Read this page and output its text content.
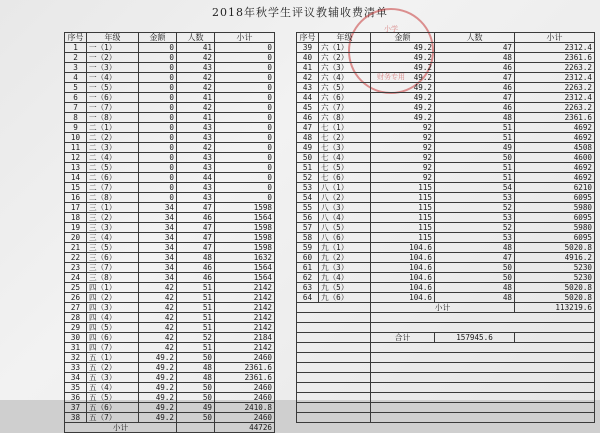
2018年秋学生评议教辅收费清单
小学
财务专用
序号	年级	金额	人数	小计
1	一（1）	0	41	0
2	一（2）	0	42	0
3	一（3）	0	43	0
4	一（4）	0	42	0
5	一（5）	0	42	0
6	一（6）	0	41	0
7	一（7）	0	42	0
8	一（8）	0	41	0
9	二（1）	0	43	0
10	二（2）	0	43	0
11	二（3）	0	42	0
12	二（4）	0	43	0
13	二（5）	0	43	0
14	二（6）	0	44	0
15	二（7）	0	43	0
16	二（8）	0	43	0
17	三（1）	34	47	1598
18	三（2）	34	46	1564
19	三（3）	34	47	1598
20	三（4）	34	47	1598
21	三（5）	34	47	1598
22	三（6）	34	48	1632
23	三（7）	34	46	1564
24	三（8）	34	46	1564
25	四（1）	42	51	2142
26	四（2）	42	51	2142
27	四（3）	42	51	2142
28	四（4）	42	51	2142
29	四（5）	42	51	2142
30	四（6）	42	52	2184
31	四（7）	42	51	2142
32	五（1）	49.2	50	2460
33	五（2）	49.2	48	2361.6
34	五（3）	49.2	48	2361.6
35	五（4）	49.2	50	2460
36	五（5）	49.2	50	2460
37	五（6）	49.2	49	2410.8
38	五（7）	49.2	50	2460
小计				44726
序号	年级	金额	人数	小计
39	六（1）	49.2	47	2312.4
40	六（2）	49.2	48	2361.6
41	六（3）	49.2	46	2263.2
42	六（4）	49.2	47	2312.4
43	六（5）	49.2	46	2263.2
44	六（6）	49.2	47	2312.4
45	六（7）	49.2	46	2263.2
46	六（8）	49.2	48	2361.6
47	七（1）	92	51	4692
48	七（2）	92	51	4692
49	七（3）	92	49	4508
50	七（4）	92	50	4600
51	七（5）	92	51	4692
52	七（6）	92	51	4692
53	八（1）	115	54	6210
54	八（2）	115	53	6095
55	八（3）	115	52	5980
56	八（4）	115	53	6095
57	八（5）	115	52	5980
58	八（6）	115	53	6095
59	九（1）	104.6	48	5020.8
60	九（2）	104.6	47	4916.2
61	九（3）	104.6	50	5230
62	九（4）	104.6	50	5230
63	九（5）	104.6	48	5020.8
64	九（6）	104.6	48	5020.8
		小计		113219.6

		合计	157945.6	
